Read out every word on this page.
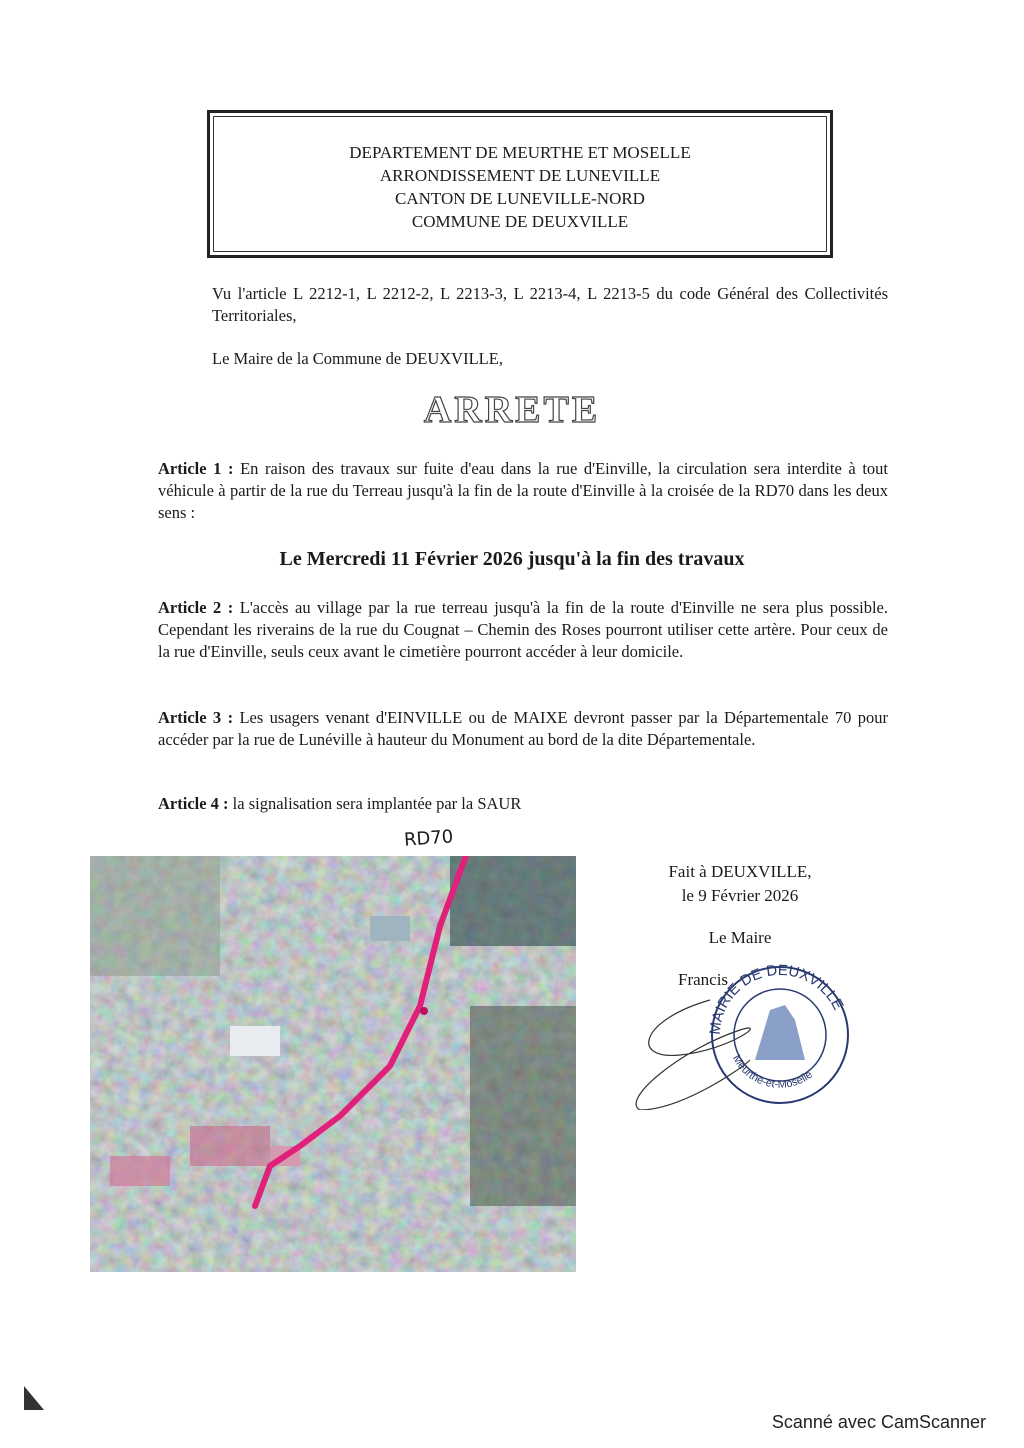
DEPARTEMENT DE MEURTHE ET MOSELLE
ARRONDISSEMENT DE LUNEVILLE
CANTON DE LUNEVILLE-NORD
COMMUNE DE DEUXVILLE
Vu l'article L 2212-1, L 2212-2, L 2213-3, L 2213-4, L 2213-5 du code Général des Collectivités Territoriales,
Le Maire de la Commune de DEUXVILLE,
ARRETE
Article 1 : En raison des travaux sur fuite d'eau dans la rue d'Einville, la circulation sera interdite à tout véhicule à partir de la rue du Terreau jusqu'à la fin de la route d'Einville à la croisée de la RD70 dans les deux sens :
Le Mercredi 11 Février 2026 jusqu'à la fin des travaux
Article 2 : L'accès au village par la rue terreau jusqu'à la fin de la route d'Einville ne sera plus possible. Cependant les riverains de la rue du Cougnat – Chemin des Roses pourront utiliser cette artère. Pour ceux de la rue d'Einville, seuls ceux avant le cimetière pourront accéder à leur domicile.
Article 3 : Les usagers venant d'EINVILLE ou de MAIXE devront passer par la Départementale 70 pour accéder par la rue de Lunéville à hauteur du Monument au bord de la dite Départementale.
Article 4 : la signalisation sera implantée par la SAUR
RD70
Fait à DEUXVILLE,
le 9 Février 2026
Le Maire
Francis
MAIRIE DE DEUXVILLE
Meurthe-et-Moselle
Scanné avec CamScanner
